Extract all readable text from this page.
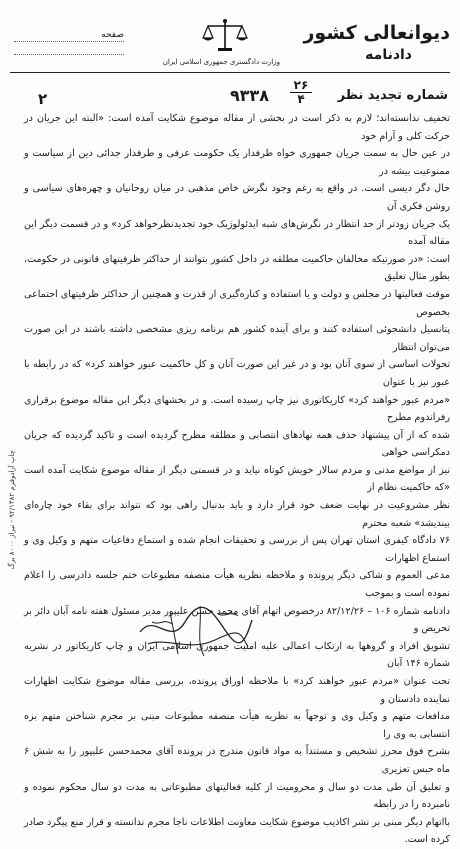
دیوانعالی کشور
دادنامه
وزارت دادگستری جمهوری اسلامی ایران
صفحه
شماره تجدید نظر
۲۶
۴
۹۳۳۸
۲

تخفیف ندانسته‌اند؛ لازم به ذکر است در بخشی از مقاله موضوع شکایت آمده است: «البته این جریان در حرکت کلی و آرام خود

در عین حال به سمت جریان جمهوری خواه طرفدار یک حکومت عرفی و طرفدار جدائی دین از سیاست و ممنوعیت بیشه در

حال دگر دیسی است. در واقع به رغم وجود نگرش خاص مذهبی در میان روحانیان و چهره‌های سیاسی و روشن فکری آن

یک جریان زودتر از حد انتظار در نگرش‌های شبه ایدئولوژیک خود تجدیدنظرخواهد کرد» و در قسمت دیگر این مقاله آمده

است: «در صورتیکه مخالفان حاکمیت مطلقه در داخل کشور بتوانند از حداکثر ظرفیتهای قانونی در حکومت، بطور مثال تعلیق

موقت فعالیتها در مجلس و دولت و یا استفاده و کناره‌گیری از قدرت و همچنین از حداکثر ظرفیتهای اجتماعی بخصوص

پتانسیل دانشجوئی استفاده کنند و برای آینده کشور هم برنامه ریزی مشخصی داشته باشند در این صورت می‌توان انتظار

تحولات اساسی از سوی آنان بود و در غیر این صورت آنان و کل حاکمیت عبور خواهند کرد» که در رابطه با عبور نیز با عنوان

«مردم عبور خواهند کرد» کاریکاتوری نیز چاپ رسیده است. و در بخشهای دیگر این مقاله موضوع برقراری رفراندوم مطرح

شده که از آن پیشنهاد حذف همه نهادهای انتصابی و مطلقه مطرح گردیده است و تاکید گردیده که جریان دمکراسی خواهی

نیز از مواضع مدنی و مردم سالار خویش کوتاه نیاید و در قسمتی دیگر از مقاله موضوع شکایت آمده است «که حاکمیت نظام از

نظر مشروعیت در نهایت ضعف خود قرار دارد و باید بدنبال راهی بود که نتواند برای بقاء خود چاره‌ای بیندیشد» شعبه محترم

۷۶ دادگاه کیفری استان تهران پس از بررسی و تحقیقات انجام شده و استماع دفاعیات متهم و وکیل وی و استماع اظهارات

مدعی العموم و شاکی دیگر پرونده و ملاحظه نظریه هیأت منصفه مطبوعات ختم جلسه دادرسی را اعلام نموده است و بموجب

دادنامه شماره ۱۰۶ – ۸۲/۱۲/۲۶ درخصوص اتهام آقای محمد حسن علیپور مدیر مسئول هفته نامه آبان دائر بر تحریض و

تشویق افراد و گروهها به ارتکاب اعمالی علیه امنیت جمهوری اسلامی ایران و چاپ کاریکاتور در نشریه شماره ۱۴۶ آبان

تحت عنوان «مردم عبور خواهند کرد» با ملاحظه اوراق پرونده، بررسی مقاله موضوع شکایت اظهارات نماینده دادستان و

مدافعات متهم و وکیل وی و توجهاً به نظریه هیأت منصفه مطبوعات مبنی بر مجرم شناختن متهم بزه انتسابی به وی را

بشرح فوق محرز تشخیص و مستنداً به مواد قانون مندرج در پرونده آقای محمدحسن علیپور را به شش ۶ ماه حبس تعزیری

و تعلیق آن طی مدت دو سال و محرومیت از کلیه فعالیتهای مطبوعاتی به مدت دو سال محکوم نموده و نامبرده را در رابطه

بااتهام دیگر مبنی بر نشر اکاذیب موضوع شکایت معاونت اطلاعات ناجا مجرم ندانسته و قرار منع پیگرد صادر کرده است.

چاپ آزادوفرم ۹۲/۱۳۸۲ - تیراژ ۸۰۰۰ برگ
